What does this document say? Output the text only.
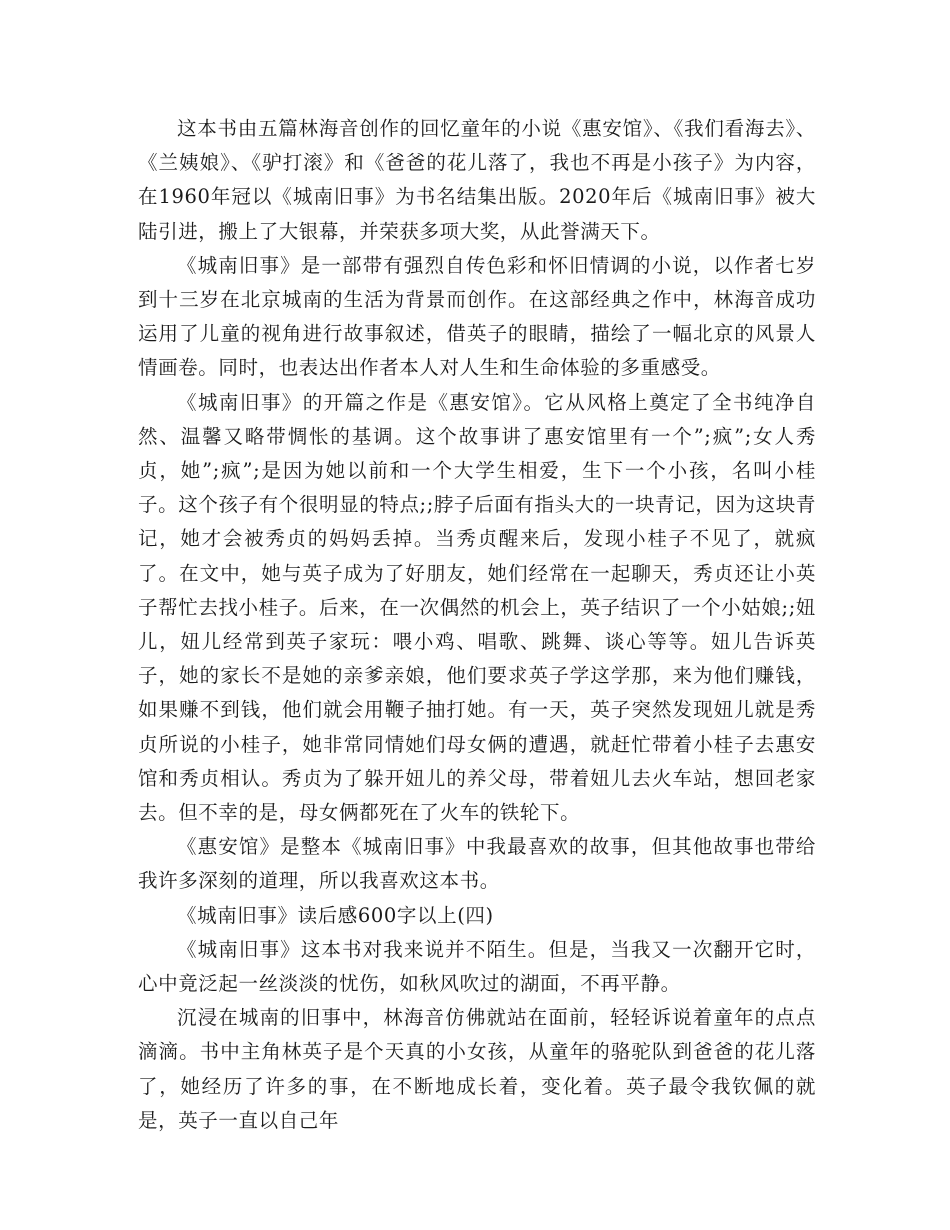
这本书由五篇林海音创作的回忆童年的小说《惠安馆》、《我们看海去》、《兰姨娘》、《驴打滚》和《爸爸的花儿落了，我也不再是小孩子》为内容，在1960年冠以《城南旧事》为书名结集出版。2020年后《城南旧事》被大陆引进，搬上了大银幕，并荣获多项大奖，从此誉满天下。

《城南旧事》是一部带有强烈自传色彩和怀旧情调的小说，以作者七岁到十三岁在北京城南的生活为背景而创作。在这部经典之作中，林海音成功运用了儿童的视角进行故事叙述，借英子的眼睛，描绘了一幅北京的风景人情画卷。同时，也表达出作者本人对人生和生命体验的多重感受。

《城南旧事》的开篇之作是《惠安馆》。它从风格上奠定了全书纯净自然、温馨又略带惆怅的基调。这个故事讲了惠安馆里有一个”;疯”;女人秀贞，她”;疯”;是因为她以前和一个大学生相爱，生下一个小孩，名叫小桂子。这个孩子有个很明显的特点;;脖子后面有指头大的一块青记，因为这块青记，她才会被秀贞的妈妈丢掉。当秀贞醒来后，发现小桂子不见了，就疯了。在文中，她与英子成为了好朋友，她们经常在一起聊天，秀贞还让小英子帮忙去找小桂子。后来，在一次偶然的机会上，英子结识了一个小姑娘;;妞儿，妞儿经常到英子家玩：喂小鸡、唱歌、跳舞、谈心等等。妞儿告诉英子，她的家长不是她的亲爹亲娘，他们要求英子学这学那，来为他们赚钱，如果赚不到钱，他们就会用鞭子抽打她。有一天，英子突然发现妞儿就是秀贞所说的小桂子，她非常同情她们母女俩的遭遇，就赶忙带着小桂子去惠安馆和秀贞相认。秀贞为了躲开妞儿的养父母，带着妞儿去火车站，想回老家去。但不幸的是，母女俩都死在了火车的铁轮下。

《惠安馆》是整本《城南旧事》中我最喜欢的故事，但其他故事也带给我许多深刻的道理，所以我喜欢这本书。

《城南旧事》读后感600字以上(四)

《城南旧事》这本书对我来说并不陌生。但是，当我又一次翻开它时，心中竟泛起一丝淡淡的忧伤，如秋风吹过的湖面，不再平静。

沉浸在城南的旧事中，林海音仿佛就站在面前，轻轻诉说着童年的点点滴滴。书中主角林英子是个天真的小女孩，从童年的骆驼队到爸爸的花儿落了，她经历了许多的事，在不断地成长着，变化着。英子最令我钦佩的就是，英子一直以自己年
